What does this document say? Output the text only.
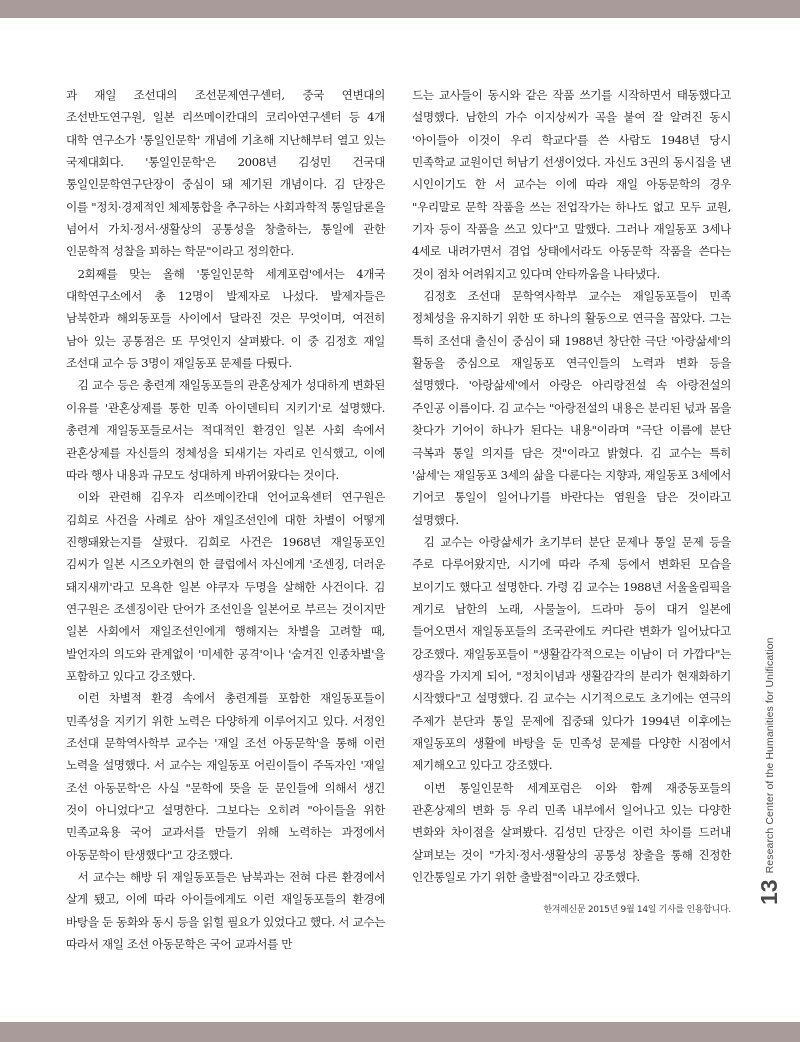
과 재일 조선대의 조선문제연구센터, 중국 연변대의 조선반도연구원, 일본 리쓰메이칸대의 코리아연구센터 등 4개 대학 연구소가 '통일인문학' 개념에 기초해 지난해부터 열고 있는 국제대회다. '통일인문학'은 2008년 김성민 건국대 통일인문학연구단장이 중심이 돼 제기된 개념이다. 김 단장은 이를 "정치·경제적인 체제통합을 추구하는 사회과학적 통일담론을 넘어서 가치·정서·생활상의 공통성을 창출하는, 통일에 관한 인문학적 성찰을 꾀하는 학문"이라고 정의한다.

2회째를 맞는 올해 '통일인문학 세계포럼'에서는 4개국 대학연구소에서 총 12명이 발제자로 나섰다. 발제자들은 남북한과 해외동포들 사이에서 달라진 것은 무엇이며, 여전히 남아 있는 공통점은 또 무엇인지 살펴봤다. 이 중 김정호 재일 조선대 교수 등 3명이 재일동포 문제를 다뤘다.

김 교수 등은 총련계 재일동포들의 관혼상제가 성대하게 변화된 이유를 '관혼상제를 통한 민족 아이덴티티 지키기'로 설명했다. 총련계 재일동포들로서는 적대적인 환경인 일본 사회 속에서 관혼상제를 자신들의 정체성을 되새기는 자리로 인식했고, 이에 따라 행사 내용과 규모도 성대하게 바뀌어왔다는 것이다.

이와 관련해 김우자 리쓰메이칸대 언어교육센터 연구원은 김희로 사건을 사례로 삼아 재일조선인에 대한 차별이 어떻게 진행돼왔는지를 살폈다. 김희로 사건은 1968년 재일동포인 김씨가 일본 시즈오카현의 한 클럽에서 자신에게 '조센징, 더러운 돼지새끼'라고 모욕한 일본 야쿠자 두명을 살해한 사건이다. 김 연구원은 조센징이란 단어가 조선인을 일본어로 부르는 것이지만 일본 사회에서 재일조선인에게 행해지는 차별을 고려할 때, 발언자의 의도와 관계없이 '미세한 공격'이나 '숨겨진 인종차별'을 포함하고 있다고 강조했다.

이런 차별적 환경 속에서 총련계를 포함한 재일동포들이 민족성을 지키기 위한 노력은 다양하게 이루어지고 있다. 서정인 조선대 문학역사학부 교수는 '재일 조선 아동문학'을 통해 이런 노력을 설명했다. 서 교수는 재일동포 어린이들이 주독자인 '재일 조선 아동문학'은 사실 "문학에 뜻을 둔 문인들에 의해서 생긴 것이 아니었다"고 설명한다. 그보다는 오히려 "아이들을 위한 민족교육용 국어 교과서를 만들기 위해 노력하는 과정에서 아동문학이 탄생했다"고 강조했다.

서 교수는 해방 뒤 재일동포들은 남북과는 전혀 다른 환경에서 살게 됐고, 이에 따라 아이들에게도 이런 재일동포들의 환경에 바탕을 둔 동화와 동시 등을 읽힐 필요가 있었다고 했다. 서 교수는 따라서 재일 조선 아동문학은 국어 교과서를 만

드는 교사들이 동시와 같은 작품 쓰기를 시작하면서 태동했다고 설명했다. 남한의 가수 이지상씨가 곡을 붙여 잘 알려진 동시 '아이들아 이것이 우리 학교다'를 쓴 사람도 1948년 당시 민족학교 교원이던 허남기 선생이었다. 자신도 3권의 동시집을 낸 시인이기도 한 서 교수는 이에 따라 재일 아동문학의 경우 "우리말로 문학 작품을 쓰는 전업작가는 하나도 없고 모두 교원, 기자 등이 작품을 쓰고 있다"고 말했다. 그러나 재일동포 3세나 4세로 내려가면서 겸업 상태에서라도 아동문학 작품을 쓴다는 것이 점차 어려워지고 있다며 안타까움을 나타냈다.

김정호 조선대 문학역사학부 교수는 재일동포들이 민족 정체성을 유지하기 위한 또 하나의 활동으로 연극을 꼽았다. 그는 특히 조선대 출신이 중심이 돼 1988년 창단한 극단 '아랑삶세'의 활동을 중심으로 재일동포 연극인들의 노력과 변화 등을 설명했다. '아랑삶세'에서 아랑은 아리랑전설 속 아랑전설의 주인공 이름이다. 김 교수는 "아랑전설의 내용은 분리된 넋과 몸을 찾다가 기어이 하나가 된다는 내용"이라며 "극단 이름에 분단 극복과 통일 의지를 담은 것"이라고 밝혔다. 김 교수는 특히 '삶세'는 재일동포 3세의 삶을 다룬다는 지향과, 재일동포 3세에서 기어코 통일이 일어나기를 바란다는 염원을 담은 것이라고 설명했다.

김 교수는 아랑삶세가 초기부터 분단 문제나 통일 문제 등을 주로 다루어왔지만, 시기에 따라 주제 등에서 변화된 모습을 보이기도 했다고 설명한다. 가령 김 교수는 1988년 서울올림픽을 계기로 남한의 노래, 사물놀이, 드라마 등이 대거 일본에 들어오면서 재일동포들의 조국관에도 커다란 변화가 일어났다고 강조했다. 재일동포들이 "생활감각적으로는 이남이 더 가깝다"는 생각을 가지게 되어, "정치이념과 생활감각의 분리가 현재화하기 시작했다"고 설명했다. 김 교수는 시기적으로도 초기에는 연극의 주제가 분단과 통일 문제에 집중돼 있다가 1994년 이후에는 재일동포의 생활에 바탕을 둔 민족성 문제를 다양한 시점에서 제기해오고 있다고 강조했다.

이번 통일인문학 세계포럼은 이와 함께 재중동포들의 관혼상제의 변화 등 우리 민족 내부에서 일어나고 있는 다양한 변화와 차이점을 살펴봤다. 김성민 단장은 이런 차이를 드러내 살펴보는 것이 "가치·정서·생활상의 공통성 창출을 통해 진정한 인간통일로 가기 위한 출발점"이라고 강조했다.

한겨레신문 2015년 9월 14일 기사를 인용합니다.
13
Research Center of the Humanities for Unification
